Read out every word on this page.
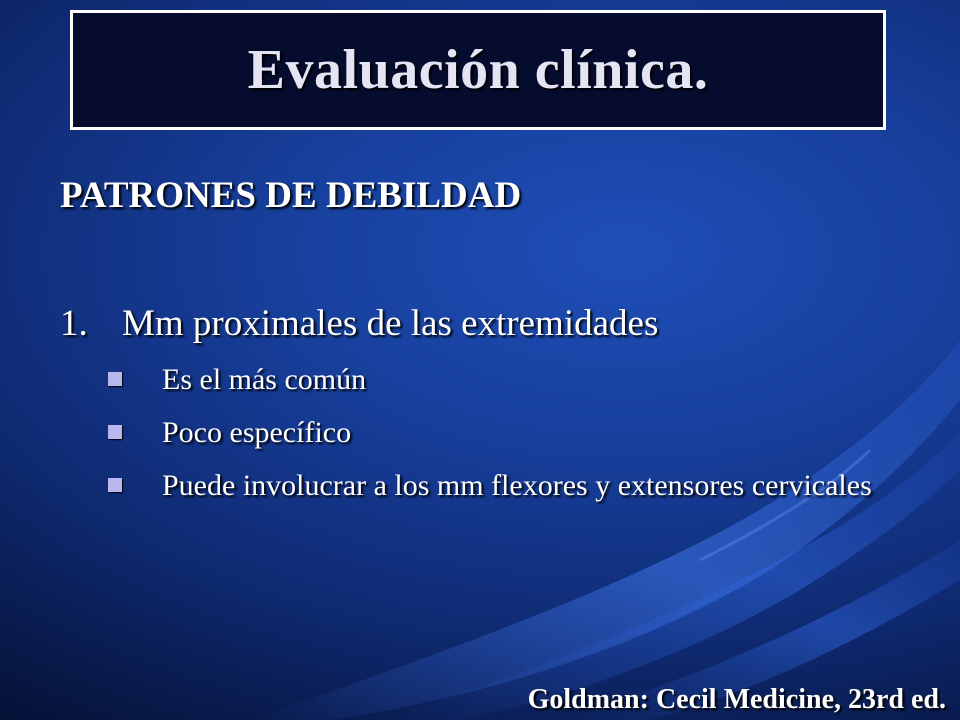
Evaluación clínica.
PATRONES DE DEBILDAD
1. Mm proximales de las extremidades
Es el más común
Poco específico
Puede involucrar a los mm flexores y extensores cervicales
Goldman: Cecil Medicine, 23rd ed.
